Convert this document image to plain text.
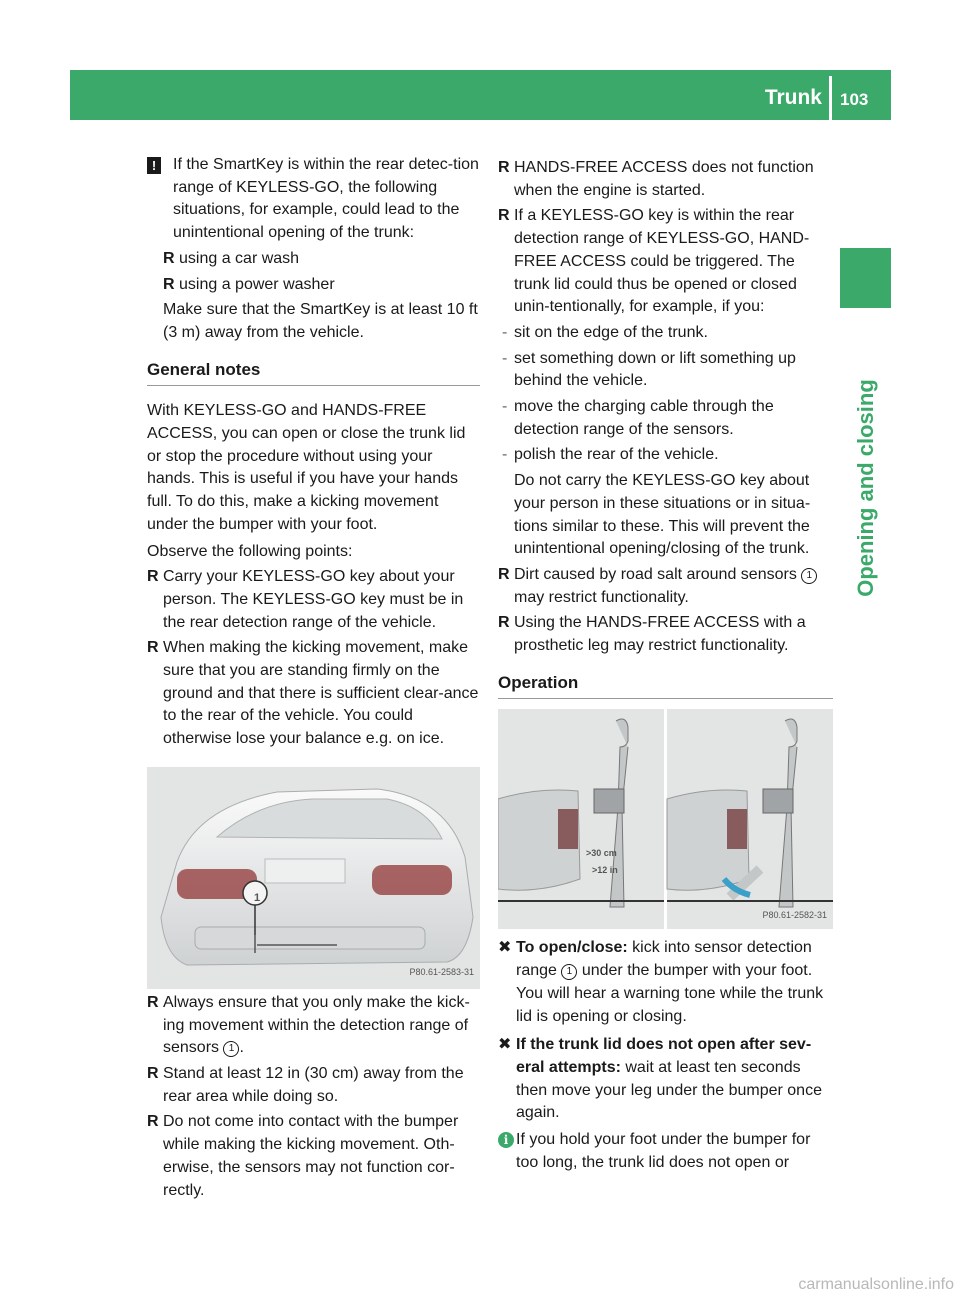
Trunk 103
Opening and closing

!	If the SmartKey is within the rear detec-tion range of KEYLESS-GO, the following situations, for example, could lead to the unintentional opening of the trunk:

R using a car wash

R using a power washer

Make sure that the SmartKey is at least 10 ft (3 m) away from the vehicle.

General notes

With KEYLESS-GO and HANDS-FREE ACCESS, you can open or close the trunk lid or stop the procedure without using your hands. This is useful if you have your hands full. To do this, make a kicking movement under the bumper with your foot.

Observe the following points:

R Carry your KEYLESS-GO key about your person. The KEYLESS-GO key must be in the rear detection range of the vehicle.

R When making the kicking movement, make sure that you are standing firmly on the ground and that there is sufficient clear-ance to the rear of the vehicle. You could otherwise lose your balance e.g. on ice.

P80.61-2583-31

R Always ensure that you only make the kick-ing movement within the detection range of sensors 1 .

R Stand at least 12 in (30 cm) away from the rear area while doing so.

R Do not come into contact with the bumper while making the kicking movement. Oth-erwise, the sensors may not function cor-rectly.

R HANDS-FREE ACCESS does not function when the engine is started.

R If a KEYLESS-GO key is within the rear detection range of KEYLESS-GO, HAND-FREE ACCESS could be triggered. The trunk lid could thus be opened or closed unin-tentionally, for example, if you:

- sit on the edge of the trunk.

- set something down or lift something up behind the vehicle.

- move the charging cable through the detection range of the sensors.

- polish the rear of the vehicle.

Do not carry the KEYLESS-GO key about your person in these situations or in situa-tions similar to these. This will prevent the unintentional opening/closing of the trunk.

R Dirt caused by road salt around sensors 1 may restrict functionality.

R Using the HANDS-FREE ACCESS with a prosthetic leg may restrict functionality.

Operation

>30 cm
>12 in
P80.61-2582-31

✖ To open/close: kick into sensor detection range 1 under the bumper with your foot. You will hear a warning tone while the trunk lid is opening or closing.

✖ If the trunk lid does not open after sev-eral attempts: wait at least ten seconds then move your leg under the bumper once again.

i If you hold your foot under the bumper for too long, the trunk lid does not open or

carmanualsonline.info
